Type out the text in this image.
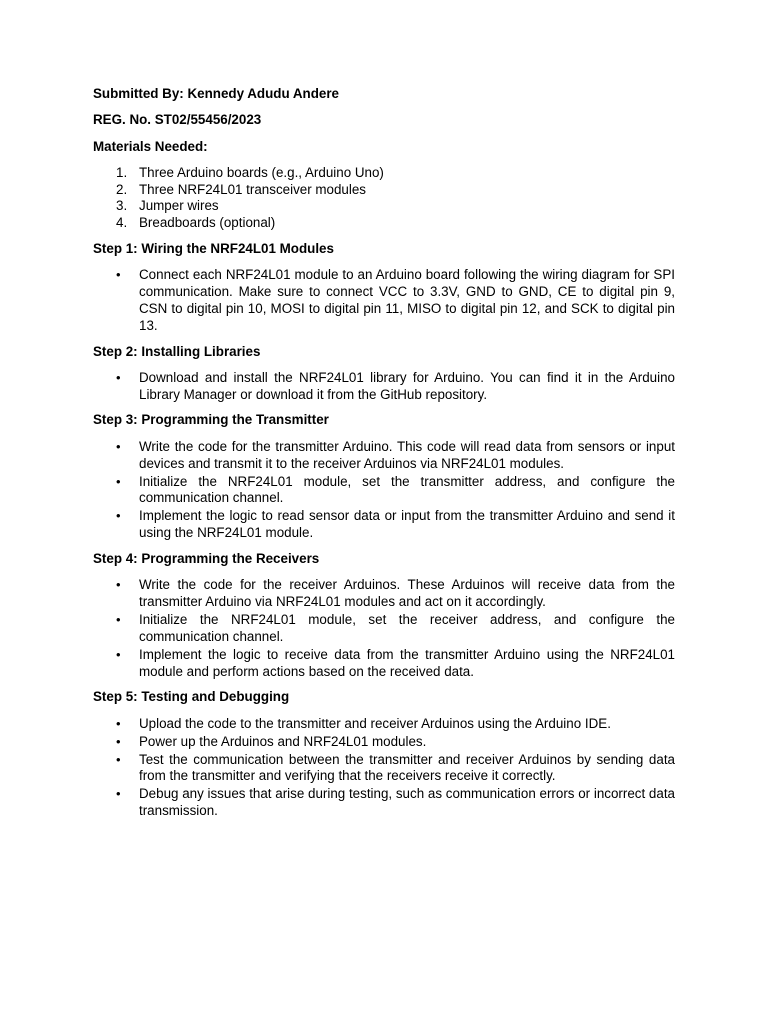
Submitted By: Kennedy Adudu Andere
REG. No. ST02/55456/2023
Materials Needed:
1. Three Arduino boards (e.g., Arduino Uno)
2. Three NRF24L01 transceiver modules
3. Jumper wires
4. Breadboards (optional)
Step 1: Wiring the NRF24L01 Modules
• Connect each NRF24L01 module to an Arduino board following the wiring diagram for SPI communication. Make sure to connect VCC to 3.3V, GND to GND, CE to digital pin 9, CSN to digital pin 10, MOSI to digital pin 11, MISO to digital pin 12, and SCK to digital pin 13.
Step 2: Installing Libraries
• Download and install the NRF24L01 library for Arduino. You can find it in the Arduino Library Manager or download it from the GitHub repository.
Step 3: Programming the Transmitter
• Write the code for the transmitter Arduino. This code will read data from sensors or input devices and transmit it to the receiver Arduinos via NRF24L01 modules.
• Initialize the NRF24L01 module, set the transmitter address, and configure the communication channel.
• Implement the logic to read sensor data or input from the transmitter Arduino and send it using the NRF24L01 module.
Step 4: Programming the Receivers
• Write the code for the receiver Arduinos. These Arduinos will receive data from the transmitter Arduino via NRF24L01 modules and act on it accordingly.
• Initialize the NRF24L01 module, set the receiver address, and configure the communication channel.
• Implement the logic to receive data from the transmitter Arduino using the NRF24L01 module and perform actions based on the received data.
Step 5: Testing and Debugging
• Upload the code to the transmitter and receiver Arduinos using the Arduino IDE.
• Power up the Arduinos and NRF24L01 modules.
• Test the communication between the transmitter and receiver Arduinos by sending data from the transmitter and verifying that the receivers receive it correctly.
• Debug any issues that arise during testing, such as communication errors or incorrect data transmission.
